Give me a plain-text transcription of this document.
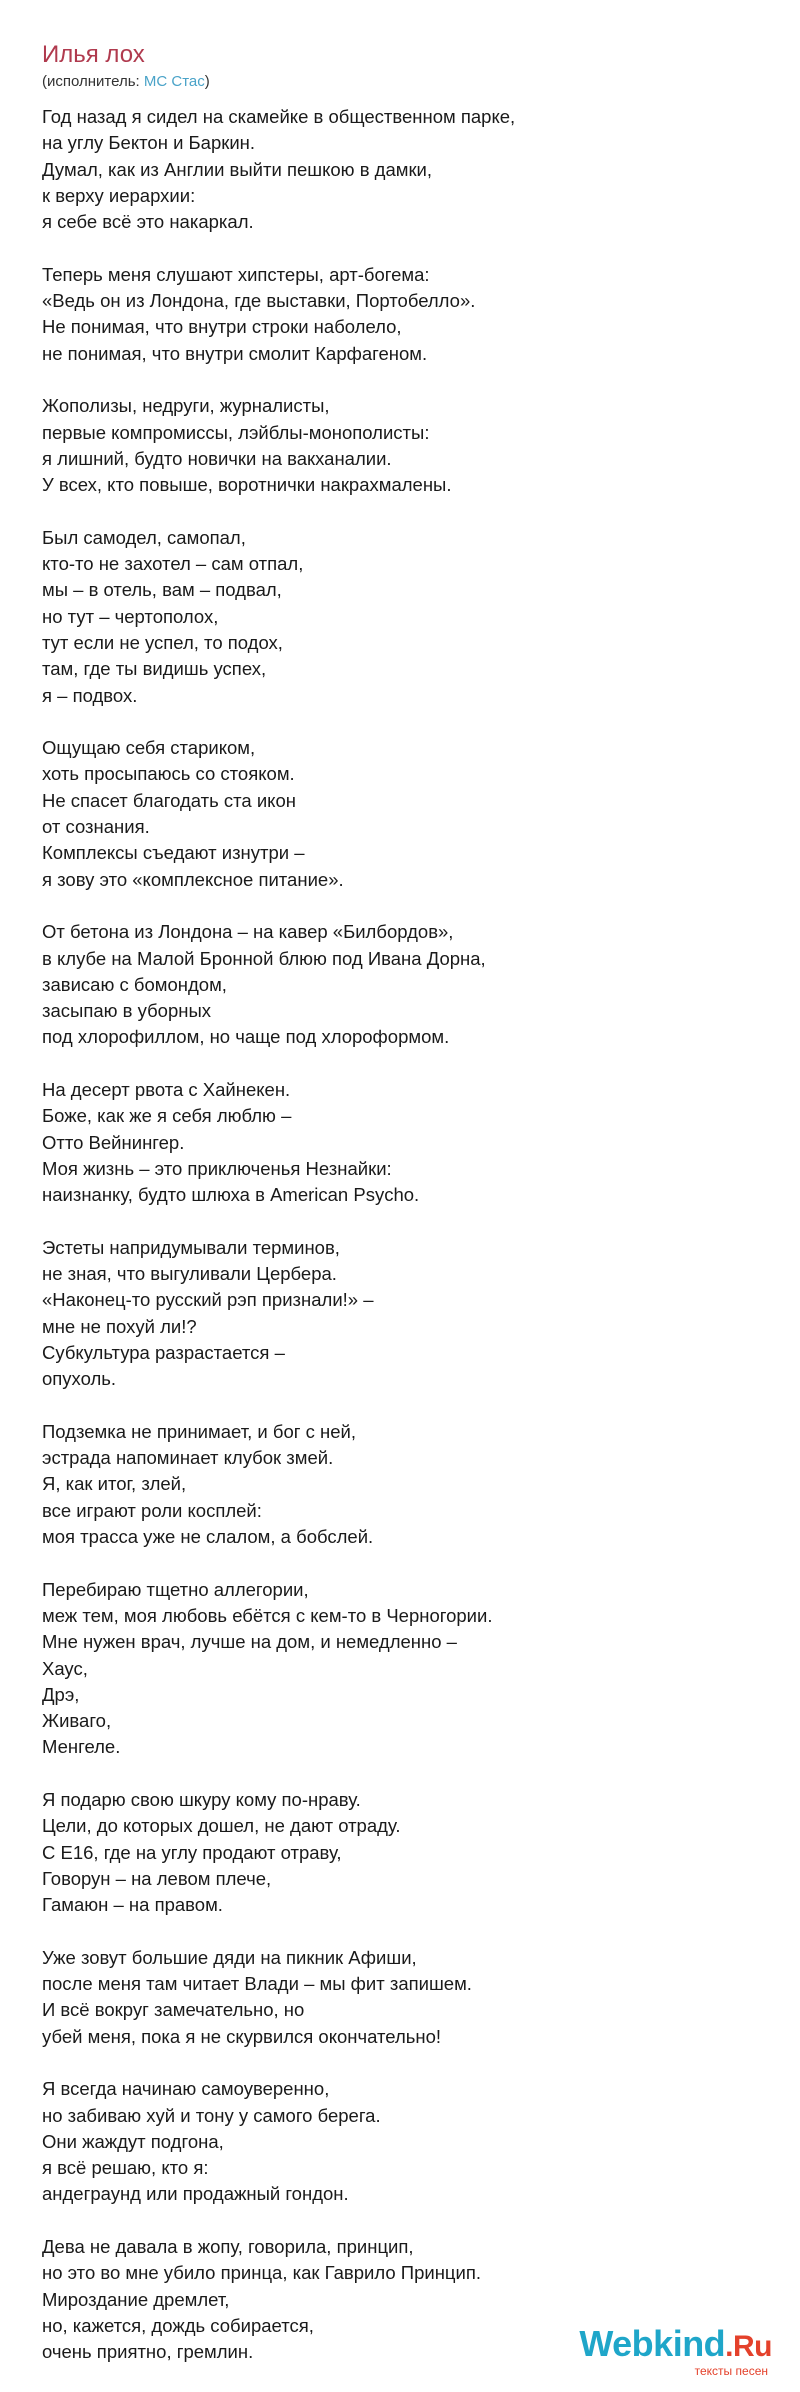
Илья лох
(исполнитель: MC Стас)
Год назад я сидел на скамейке в общественном парке,
на углу Бектон и Баркин.
Думал, как из Англии выйти пешкою в дамки,
к верху иерархии:
я себе всё это накаркал.
Теперь меня слушают хипстеры, арт-богема:
«Ведь он из Лондона, где выставки, Портобелло».
Не понимая, что внутри строки наболело,
не понимая, что внутри смолит Карфагеном.
Жополизы, недруги, журналисты,
первые компромиссы, лэйблы-монополисты:
я лишний, будто новички на вакханалии.
У всех, кто повыше, воротнички накрахмалены.
Был самодел, самопал,
кто-то не захотел – сам отпал,
мы – в отель, вам – подвал,
но тут – чертополох,
тут если не успел, то подох,
там, где ты видишь успех,
я – подвох.
Ощущаю себя стариком,
хоть просыпаюсь со стояком.
Не спасет благодать ста икон
от сознания.
Комплексы съедают изнутри –
я зову это «комплексное питание».
От бетона из Лондона – на кавер «Билбордов»,
в клубе на Малой Бронной блюю под Ивана Дорна,
зависаю с бомондом,
засыпаю в уборных
под хлорофиллом, но чаще под хлороформом.
На десерт рвота с Хайнекен.
Боже, как же я себя люблю –
Отто Вейнингер.
Моя жизнь – это приключенья Незнайки:
наизнанку, будто шлюха в American Psycho.
Эстеты напридумывали терминов,
не зная, что выгуливали Цербера.
«Наконец-то русский рэп признали!» –
мне не похуй ли!?
Субкультура разрастается –
опухоль.
Подземка не принимает, и бог с ней,
эстрада напоминает клубок змей.
Я, как итог, злей,
все играют роли косплей:
моя трасса уже не слалом, а бобслей.
Перебираю тщетно аллегории,
меж тем, моя любовь ебётся с кем-то в Черногории.
Мне нужен врач, лучше на дом, и немедленно –
Хаус,
Дрэ,
Живаго,
Менгеле.
Я подарю свою шкуру кому по-нраву.
Цели, до которых дошел, не дают отраду.
С Е16, где на углу продают отраву,
Говорун – на левом плече,
Гамаюн – на правом.
Уже зовут большие дяди на пикник Афиши,
после меня там читает Влади – мы фит запишем.
И всё вокруг замечательно, но
убей меня, пока я не скурвился окончательно!
Я всегда начинаю самоуверенно,
но забиваю хуй и тону у самого берега.
Они жаждут подгона,
я всё решаю, кто я:
андеграунд или продажный гондон.
Дева не давала в жопу, говорила, принцип,
но это во мне убило принца, как Гаврило Принцип.
Мироздание дремлет,
но, кажется, дождь собирается,
очень приятно, гремлин.	Webkind.Ru
тексты песен
